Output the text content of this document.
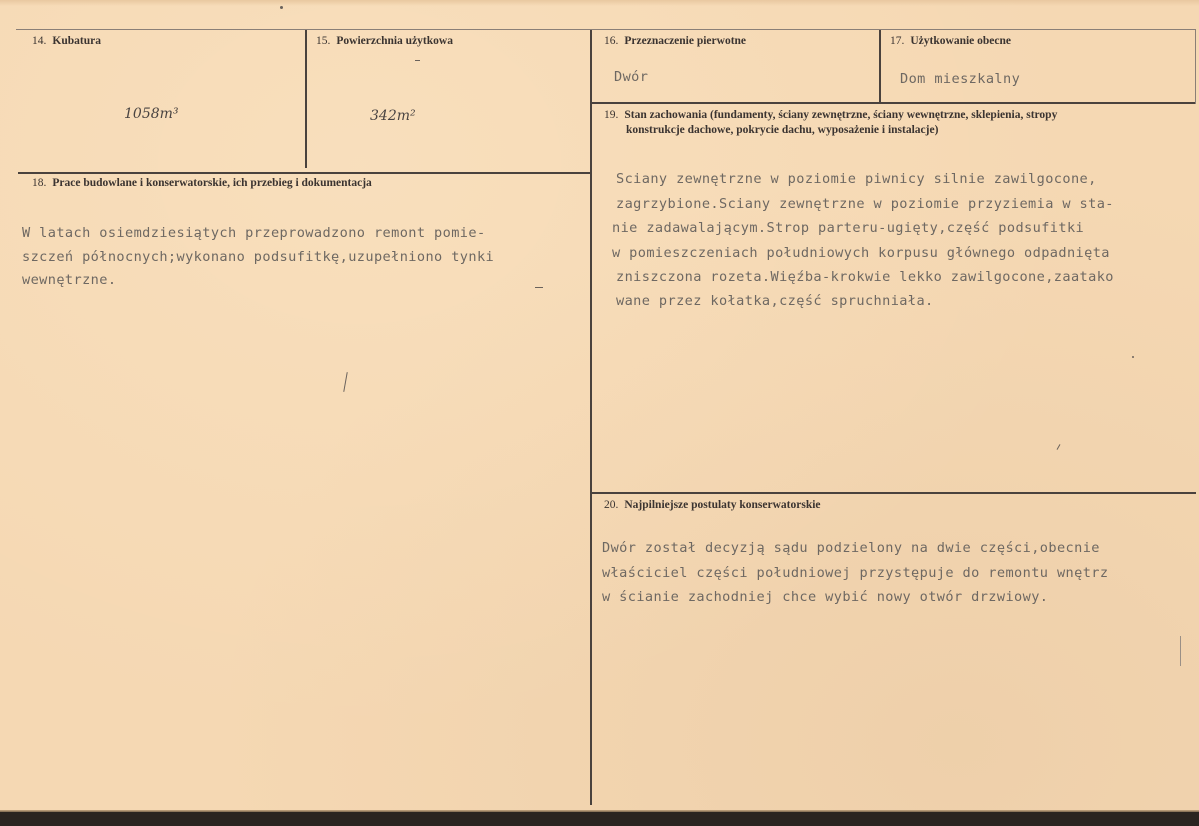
14. Kubatura
1058m³
15. Powierzchnia użytkowa
342m²
16. Przeznaczenie pierwotne
Dwór
17. Użytkowanie obecne
Dom mieszkalny
18. Prace budowlane i konserwatorskie, ich przebieg i dokumentacja
W latach osiemdziesiątych przeprowadzono remont pomie-
szczeń północnych;wykonano podsufitkę,uzupełniono tynki
wewnętrzne.
19. Stan zachowania (fundamenty, ściany zewnętrzne, ściany wewnętrzne, sklepienia, stropy
konstrukcje dachowe, pokrycie dachu, wyposażenie i instalacje)
Sciany zewnętrzne w poziomie piwnicy silnie zawilgocone,
zagrzybione.Sciany zewnętrzne w poziomie przyziemia w sta-
nie zadawalającym.Strop parteru-ugięty,część podsufitki
w pomieszczeniach południowych korpusu głównego odpadnięta
zniszczona rozeta.Więźba-krokwie lekko zawilgocone,zaatako
wane przez kołatka,część spruchniała.
20. Najpilniejsze postulaty konserwatorskie
Dwór został decyzją sądu podzielony na dwie części,obecnie
właściciel części południowej przystępuje do remontu wnętrz
w ścianie zachodniej chce wybić nowy otwór drzwiowy.
